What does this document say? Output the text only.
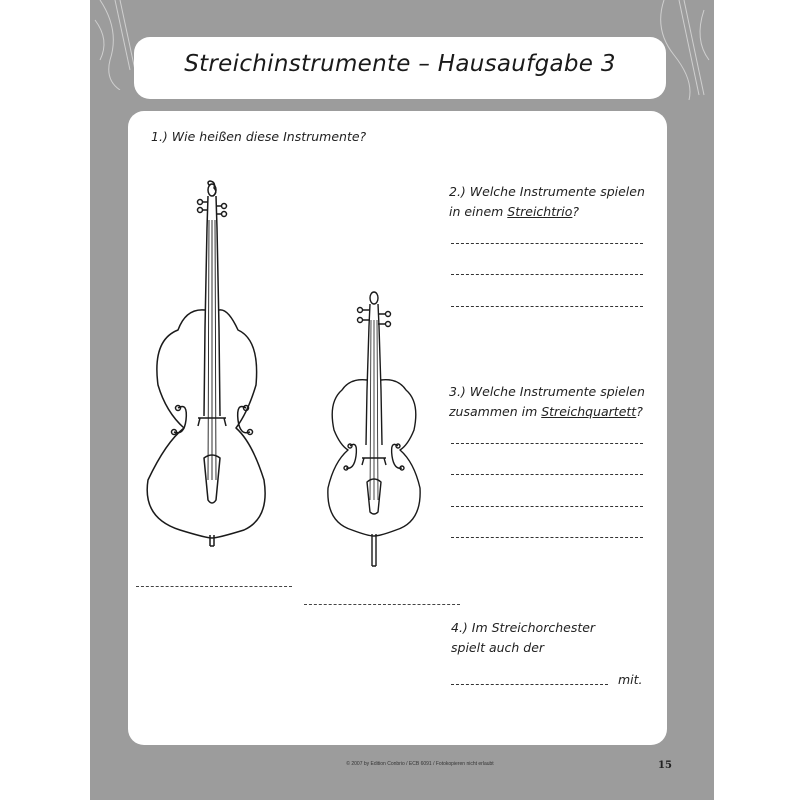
Streichinstrumente – Hausaufgabe 3
1.) Wie heißen diese Instrumente?
2.) Welche Instrumente spielen
in einem Streichtrio?
3.) Welche Instrumente spielen
zusammen im Streichquartett?
4.) Im Streichorchester
spielt auch der
mit.
© 2007 by Edition Conbrio / ECB 6091 / Fotokopieren nicht erlaubt	15
